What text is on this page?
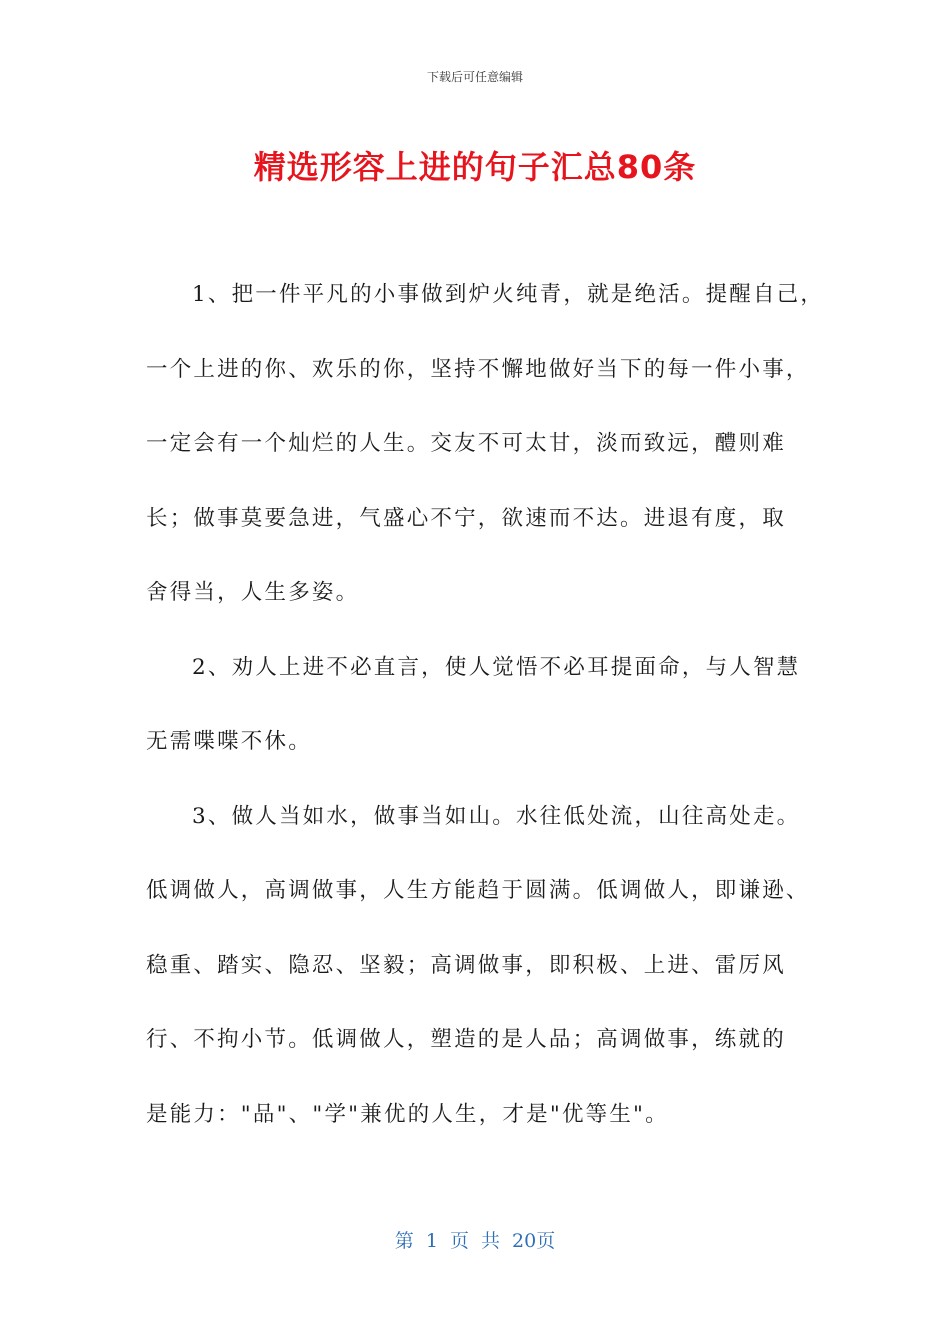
下载后可任意编辑
精选形容上进的句子汇总80条
1、把一件平凡的小事做到炉火纯青，就是绝活。提醒自己，
一个上进的你、欢乐的你，坚持不懈地做好当下的每一件小事，
一定会有一个灿烂的人生。交友不可太甘，淡而致远，醴则难
长；做事莫要急进，气盛心不宁，欲速而不达。进退有度，取
舍得当，人生多姿。
2、劝人上进不必直言，使人觉悟不必耳提面命，与人智慧
无需喋喋不休。
3、做人当如水，做事当如山。水往低处流，山往高处走。
低调做人，高调做事，人生方能趋于圆满。低调做人，即谦逊、
稳重、踏实、隐忍、坚毅；高调做事，即积极、上进、雷厉风
行、不拘小节。低调做人，塑造的是人品；高调做事，练就的
是能力："品"、"学"兼优的人生，才是"优等生"。
第 1 页 共 20页
